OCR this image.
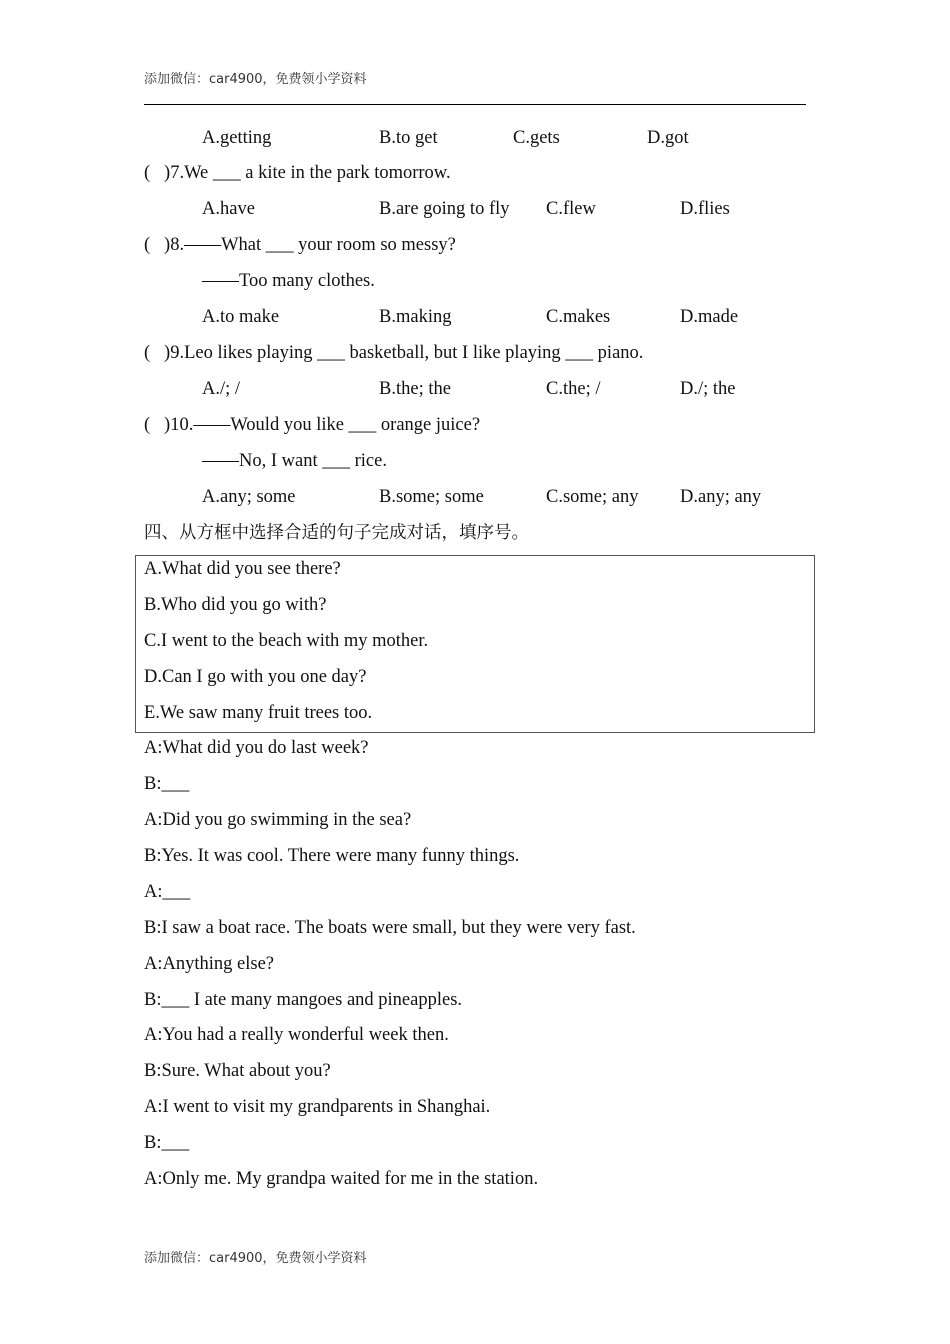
添加微信：car4900，免费领小学资料
A.getting	B.to get	C.gets	D.got
(   )7.We ___ a kite in the park tomorrow.
A.have	B.are going to fly C.flew	D.flies
(   )8.——What ___ your room so messy?
——Too many clothes.
A.to make	B.making	C.makes	D.made
(   )9.Leo likes playing ___ basketball, but I like playing ___ piano.
A./; /	B.the; the	C.the; /	D./; the
(   )10.——Would you like ___ orange juice?
——No, I want ___ rice.
A.any; some	B.some; some	C.some; any D.any; any
四、从方框中选择合适的句子完成对话，填序号。
A.What did you see there?
B.Who did you go with?
C.I went to the beach with my mother.
D.Can I go with you one day?
E.We saw many fruit trees too.
A:What did you do last week?
B:___
A:Did you go swimming in the sea?
B:Yes. It was cool. There were many funny things.
A:___
B:I saw a boat race. The boats were small, but they were very fast.
A:Anything else?
B:___ I ate many mangoes and pineapples.
A:You had a really wonderful week then.
B:Sure. What about you?
A:I went to visit my grandparents in Shanghai.
B:___
A:Only me. My grandpa waited for me in the station.
添加微信：car4900，免费领小学资料
